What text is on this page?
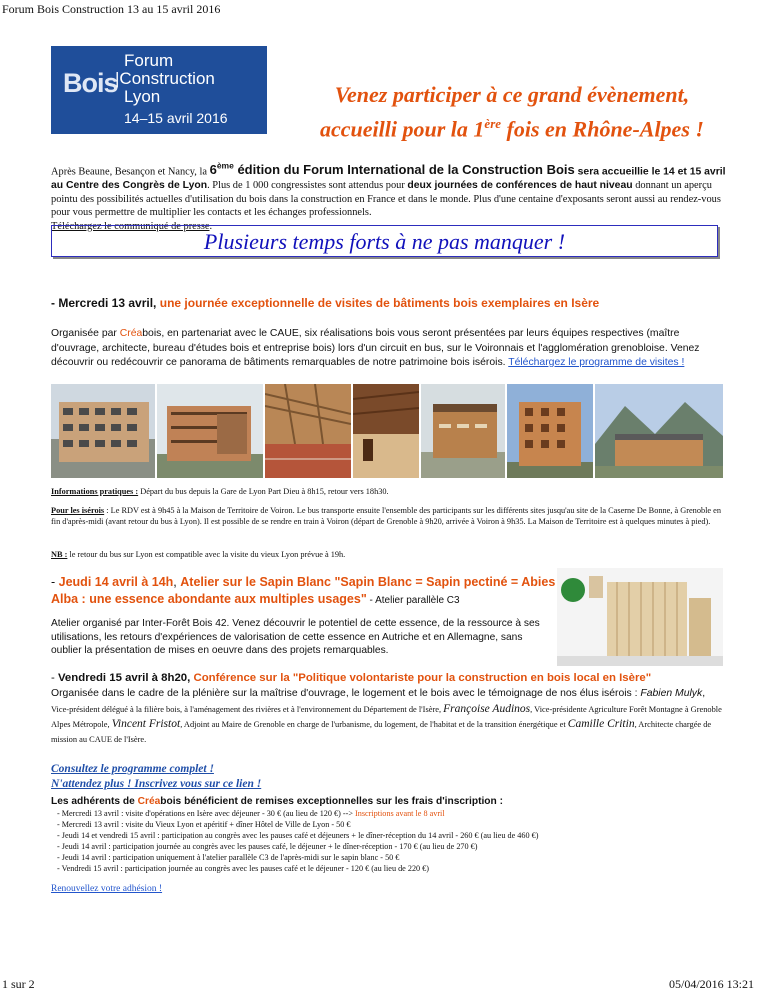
Forum Bois Construction 13 au 15 avril 2016
Bois
Forum
|Construction
Lyon
14–15 avril 2016
Venez participer à ce grand évènement,
accueilli pour la 1ère fois en Rhône-Alpes !
Après Beaune, Besançon et Nancy, la 6ème édition du Forum International de la Construction Bois sera accueillie le 14 et 15 avril au Centre des Congrès de Lyon. Plus de 1 000 congressistes sont attendus pour deux journées de conférences de haut niveau donnant un aperçu pointu des possibilités actuelles d'utilisation du bois dans la construction en France et dans le monde. Plus d'une centaine d'exposants seront aussi au rendez-vous pour vous permettre de multiplier les contacts et les échanges professionnels.
Téléchargez le communiqué de presse.
Plusieurs temps forts à ne pas manquer !
- Mercredi 13 avril, une journée exceptionnelle de visites de bâtiments bois exemplaires en Isère
Organisée par Créabois, en partenariat avec le CAUE, six réalisations bois vous seront présentées par leurs équipes respectives (maître d'ouvrage, architecte, bureau d'études bois et entreprise bois) lors d'un circuit en bus, sur le Voironnais et l'agglomération grenobloise. Venez découvrir ou redécouvrir ce panorama de bâtiments remarquables de notre patrimoine bois isérois. Téléchargez le programme de visites !
Informations pratiques : Départ du bus depuis la Gare de Lyon Part Dieu à 8h15, retour vers 18h30.
Pour les isérois : Le RDV est à 9h45 à la Maison de Territoire de Voiron. Le bus transporte ensuite l'ensemble des participants sur les différents sites jusqu'au site de la Caserne De Bonne, à Grenoble en fin d'après-midi (avant retour du bus à Lyon). Il est possible de se rendre en train à Voiron (départ de Grenoble à 9h20, arrivée à Voiron à 9h35. La Maison de Territoire est à quelques minutes à pied).
NB : le retour du bus sur Lyon est compatible avec la visite du vieux Lyon prévue à 19h.
- Jeudi 14 avril à 14h, Atelier sur le Sapin Blanc "Sapin Blanc = Sapin pectiné = Abies Alba : une essence abondante aux multiples usages" - Atelier parallèle C3
Atelier organisé par Inter-Forêt Bois 42. Venez découvrir le potentiel de cette essence, de la ressource à ses utilisations, les retours d'expériences de valorisation de cette essence en Autriche et en Allemagne, sans oublier la présentation de mises en oeuvre dans des projets remarquables.
- Vendredi 15 avril à 8h20, Conférence sur la "Politique volontariste pour la construction en bois local en Isère"
Organisée dans le cadre de la plénière sur la maîtrise d'ouvrage, le logement et le bois avec le témoignage de nos élus isérois : Fabien Mulyk,
Vice-président délégué à la filière bois, à l'aménagement des rivières et à l'environnement du Département de l'Isère, Françoise Audinos, Vice-présidente Agriculture Forêt Montagne à Grenoble Alpes Métropole, Vincent Fristot, Adjoint au Maire de Grenoble en charge de l'urbanisme, du logement, de l'habitat et de la transition énergétique et Camille Critin, Architecte chargée de mission au CAUE de l'Isère.
Consultez le programme complet !
N'attendez plus ! Inscrivez vous sur ce lien !
Les adhérents de Créabois bénéficient de remises exceptionnelles sur les frais d'inscription :
- Mercredi 13 avril : visite d'opérations en Isère avec déjeuner - 30 € (au lieu de 120 €) --> Inscriptions avant le 8 avril
- Mercredi 13 avril : visite du Vieux Lyon et apéritif + dîner Hôtel de Ville de Lyon - 50 €
- Jeudi 14 et vendredi 15 avril : participation au congrès avec les pauses café et déjeuners + le dîner-réception du 14 avril - 260 € (au lieu de 460 €)
- Jeudi 14 avril : participation journée au congrès avec les pauses café, le déjeuner + le dîner-réception - 170 € (au lieu de 270 €)
- Jeudi 14 avril : participation uniquement à l'atelier parallèle C3 de l'après-midi sur le sapin blanc - 50 €
- Vendredi 15 avril : participation journée au congrès avec les pauses café et le déjeuner - 120 € (au lieu de 220 €)
Renouvellez votre adhésion !
1 sur 2	05/04/2016 13:21
